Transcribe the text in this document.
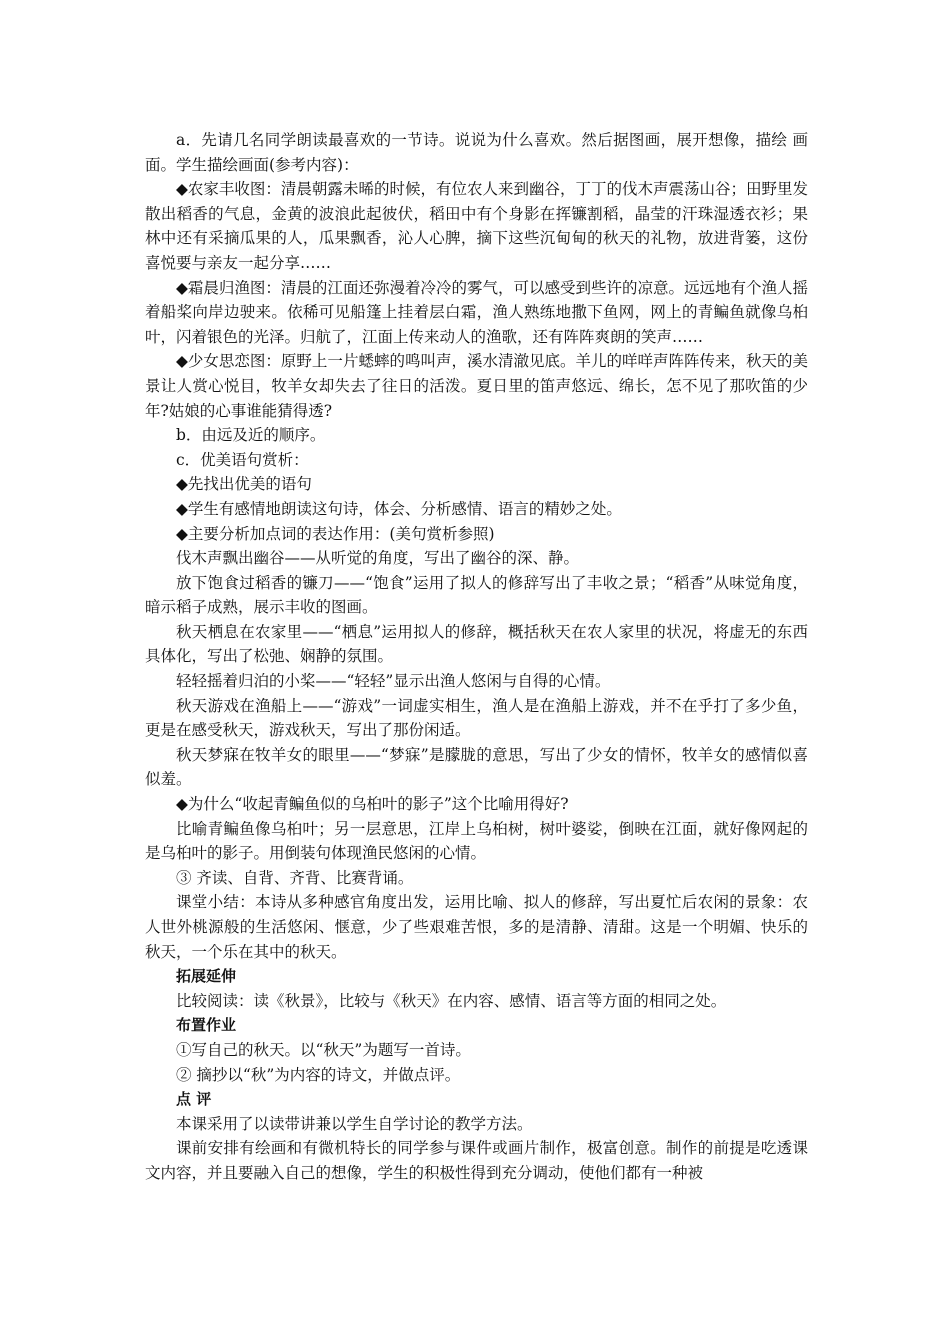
a．先请几名同学朗读最喜欢的一节诗。说说为什么喜欢。然后据图画，展开想像，描绘 画面。学生描绘画面(参考内容)：

◆农家丰收图：清晨朝露未晞的时候，有位农人来到幽谷，丁丁的伐木声震荡山谷；田野里发散出稻香的气息，金黄的波浪此起彼伏，稻田中有个身影在挥镰割稻，晶莹的汗珠湿透衣衫；果林中还有采摘瓜果的人，瓜果飘香，沁人心脾，摘下这些沉甸甸的秋天的礼物，放进背篓，这份喜悦要与亲友一起分享……

◆霜晨归渔图：清晨的江面还弥漫着冷冷的雾气，可以感受到些许的凉意。远远地有个渔人摇着船桨向岸边驶来。依稀可见船篷上挂着层白霜，渔人熟练地撒下鱼网，网上的青鳊鱼就像乌桕叶，闪着银色的光泽。归航了，江面上传来动人的渔歌，还有阵阵爽朗的笑声……

◆少女思恋图：原野上一片蟋蟀的鸣叫声，溪水清澈见底。羊儿的咩咩声阵阵传来，秋天的美景让人赏心悦目，牧羊女却失去了往日的活泼。夏日里的笛声悠远、绵长，怎不见了那吹笛的少年?姑娘的心事谁能猜得透?

b．由远及近的顺序。

c．优美语句赏析：

◆先找出优美的语句

◆学生有感情地朗读这句诗，体会、分析感情、语言的精妙之处。

◆主要分析加点词的表达作用：(美句赏析参照)

伐木声飘出幽谷——从听觉的角度，写出了幽谷的深、静。

放下饱食过稻香的镰刀——“饱食”运用了拟人的修辞写出了丰收之景；“稻香”从味觉角度，暗示稻子成熟，展示丰收的图画。

秋天栖息在农家里——“栖息”运用拟人的修辞，概括秋天在农人家里的状况，将虚无的东西具体化，写出了松弛、娴静的氛围。

轻轻摇着归泊的小桨——“轻轻”显示出渔人悠闲与自得的心情。

秋天游戏在渔船上——“游戏”一词虚实相生，渔人是在渔船上游戏，并不在乎打了多少鱼，更是在感受秋天，游戏秋天，写出了那份闲适。

秋天梦寐在牧羊女的眼里——“梦寐”是朦胧的意思，写出了少女的情怀，牧羊女的感情似喜似羞。

◆为什么“收起青鳊鱼似的乌桕叶的影子”这个比喻用得好?

比喻青鳊鱼像乌桕叶；另一层意思，江岸上乌桕树，树叶婆娑，倒映在江面，就好像网起的是乌桕叶的影子。用倒装句体现渔民悠闲的心情。

③ 齐读、自背、齐背、比赛背诵。

课堂小结：本诗从多种感官角度出发，运用比喻、拟人的修辞，写出夏忙后农闲的景象：农人世外桃源般的生活悠闲、惬意，少了些艰难苦恨，多的是清静、清甜。这是一个明媚、快乐的秋天，一个乐在其中的秋天。

拓展延伸

比较阅读：读《秋景》，比较与《秋天》在内容、感情、语言等方面的相同之处。

布置作业

①写自己的秋天。以“秋天”为题写一首诗。

② 摘抄以“秋”为内容的诗文，并做点评。

点 评

本课采用了以读带讲兼以学生自学讨论的教学方法。

课前安排有绘画和有微机特长的同学参与课件或画片制作，极富创意。制作的前提是吃透课文内容，并且要融入自己的想像，学生的积极性得到充分调动，使他们都有一种被
